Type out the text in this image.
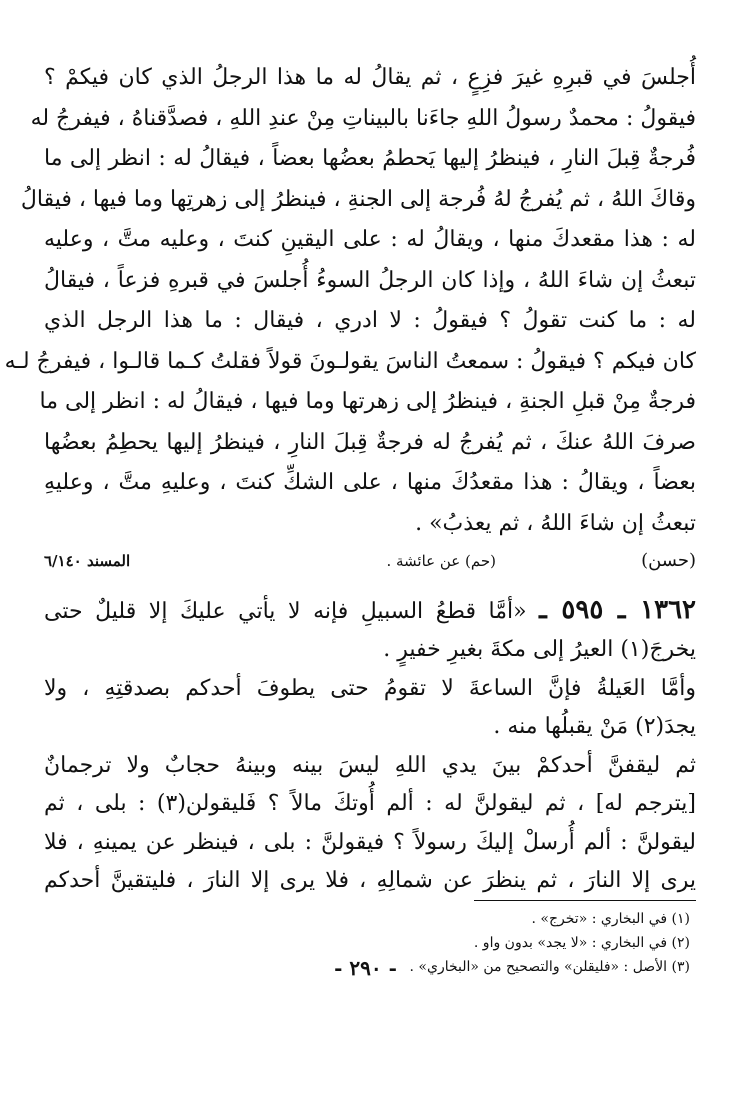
أُجلسَ في قبرِهِ غيرَ فزِعٍ ، ثم يقالُ له ما هذا الرجلُ الذي كان فيكمْ ؟
فيقولُ : محمدٌ رسولُ اللهِ جاءَنا بالبيناتِ مِنْ عندِ اللهِ ، فصدَّقناهُ ، فيفرجُ له
فُرجةٌ قِبلَ النارِ ، فينظرُ إليها يَحطمُ بعضُها بعضاً ، فيقالُ له : انظر إلى ما
وقاكَ اللهُ ، ثم يُفرجُ لهُ فُرجة إلى الجنةِ ، فينظرُ إلى زهرتِها وما فيها ، فيقالُ
له : هذا مقعدكَ منها ، ويقالُ له : على اليقينِ كنتَ ، وعليه متَّ ، وعليه
تبعثُ إن شاءَ اللهُ ، وإذا كان الرجلُ السوءُ أُجلسَ في قبرهِ فزعاً ، فيقالُ
له : ما كنت تقولُ ؟ فيقولُ : لا ادري ، فيقال : ما هذا الرجل الذي
كان فيكم ؟ فيقولُ : سمعتُ الناسَ يقولـونَ قولاً فقلتُ كـما قالـوا ، فيفرجُ لـه
فرجةٌ مِنْ قبلِ الجنةِ ، فينظرُ إلى زهرتها وما فيها ، فيقالُ له : انظر إلى ما
صرفَ اللهُ عنكَ ، ثم يُفرجُ له فرجةٌ قِبلَ النارِ ، فينظرُ إليها يحطِمُ بعضُها
بعضاً ، ويقالُ : هذا مقعدُكَ منها ، على الشكِّ كنتَ ، وعليهِ متَّ ، وعليهِ
تبعثُ إن شاءَ اللهُ ، ثم يعذبُ» .
(حسن)
(حم) عن عائشة .
المسند ٦/١٤٠
١٣٦٢ ـ ٥٩٥ ـ «أمَّا قطعُ السبيلِ فإنه لا يأتي عليكَ إلا قليلٌ حتى
يخرجَ(١) العيرُ إلى مكةَ بغيرِ خفيرٍ .
وأمَّا العَيلةُ فإنَّ الساعةَ لا تقومُ حتى يطوفَ أحدكم بصدقتِهِ ، ولا
يجدَ(٢) مَنْ يقبلُها منه .
ثم ليقفنَّ أحدكمْ بينَ يدي اللهِ ليسَ بينه وبينهُ حجابٌ ولا ترجمانٌ
[يترجم له] ، ثم ليقولنَّ له : ألم أُوتكَ مالاً ؟ فَليقولن(٣) : بلى ، ثم
ليقولنَّ : ألم أُرسلْ إليكَ رسولاً ؟ فيقولنَّ : بلى ، فينظر عن يمينهِ ، فلا
يرى إلا النارَ ، ثم ينظرَ عن شمالِهِ ، فلا يرى إلا النارَ ، فليتقينَّ أحدكم
(١) في البخاري : «تخرج» .
(٢) في البخاري : «لا يجد» بدون واو .
(٣) الأصل : «فليقلن» والتصحيح من «البخاري» .
- ٢٩٠ -
